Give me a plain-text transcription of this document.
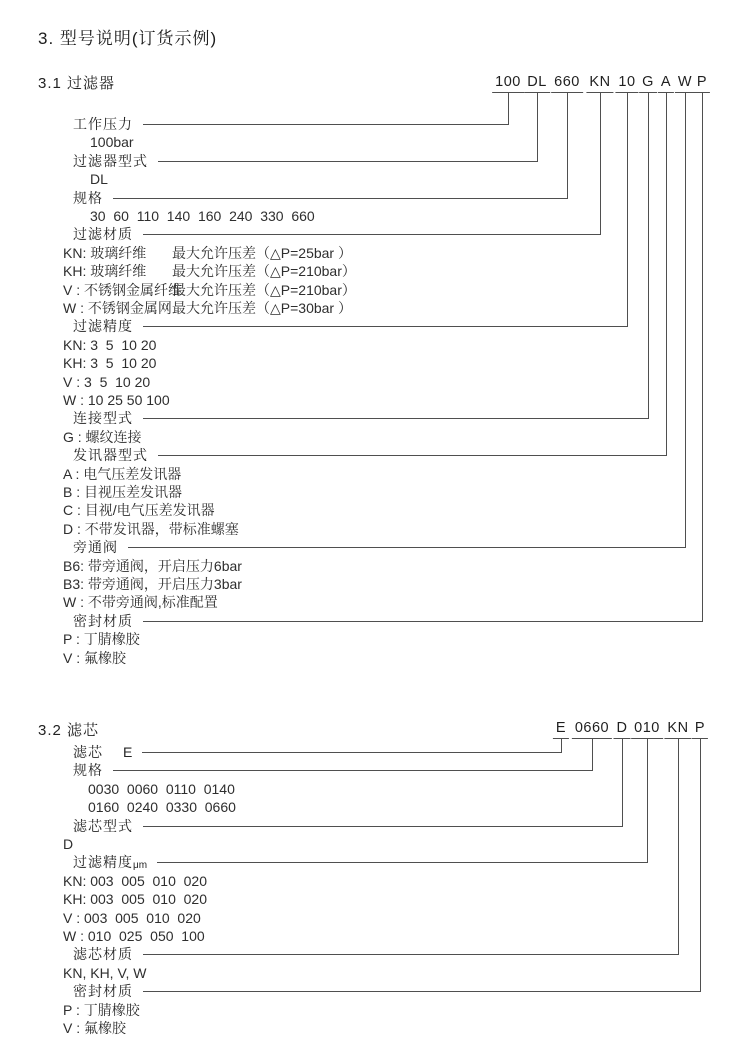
3. 型号说明(订货示例)
3.1 过滤器	100 DL 660 KN 10 G A W P
工作压力
100bar
过滤器型式
DL
规格
30  60  110  140  160  240  330  660
过滤材质
KN: 玻璃纤维 最大允许压差（△P=25bar ）
KH: 玻璃纤维 最大允许压差（△P=210bar）
V : 不锈钢金属纤维
最大允许压差（△P=210bar）
W : 不锈钢金属网 最大允许压差（△P=30bar ）
过滤精度
KN: 3  5  10 20
KH: 3  5  10 20
V : 3  5  10 20
W : 10 25 50 100
连接型式
G : 螺纹连接
发讯器型式
A : 电气压差发讯器
B : 目视压差发讯器
C : 目视/电气压差发讯器
D : 不带发讯器，带标准螺塞
旁通阀
B6: 带旁通阀，开启压力6bar
B3: 带旁通阀，开启压力3bar
W : 不带旁通阀,标准配置
密封材质
P : 丁腈橡胶
V : 氟橡胶
3.2 滤芯	E 0660 D 010 KN P
滤芯 E
规格
0030  0060  0110  0140
0160  0240  0330  0660
滤芯型式
D
过滤精度μm
KN: 003  005  010  020
KH: 003  005  010  020
V : 003  005  010  020
W : 010  025  050  100
滤芯材质
KN, KH, V, W
密封材质
P : 丁腈橡胶
V : 氟橡胶
